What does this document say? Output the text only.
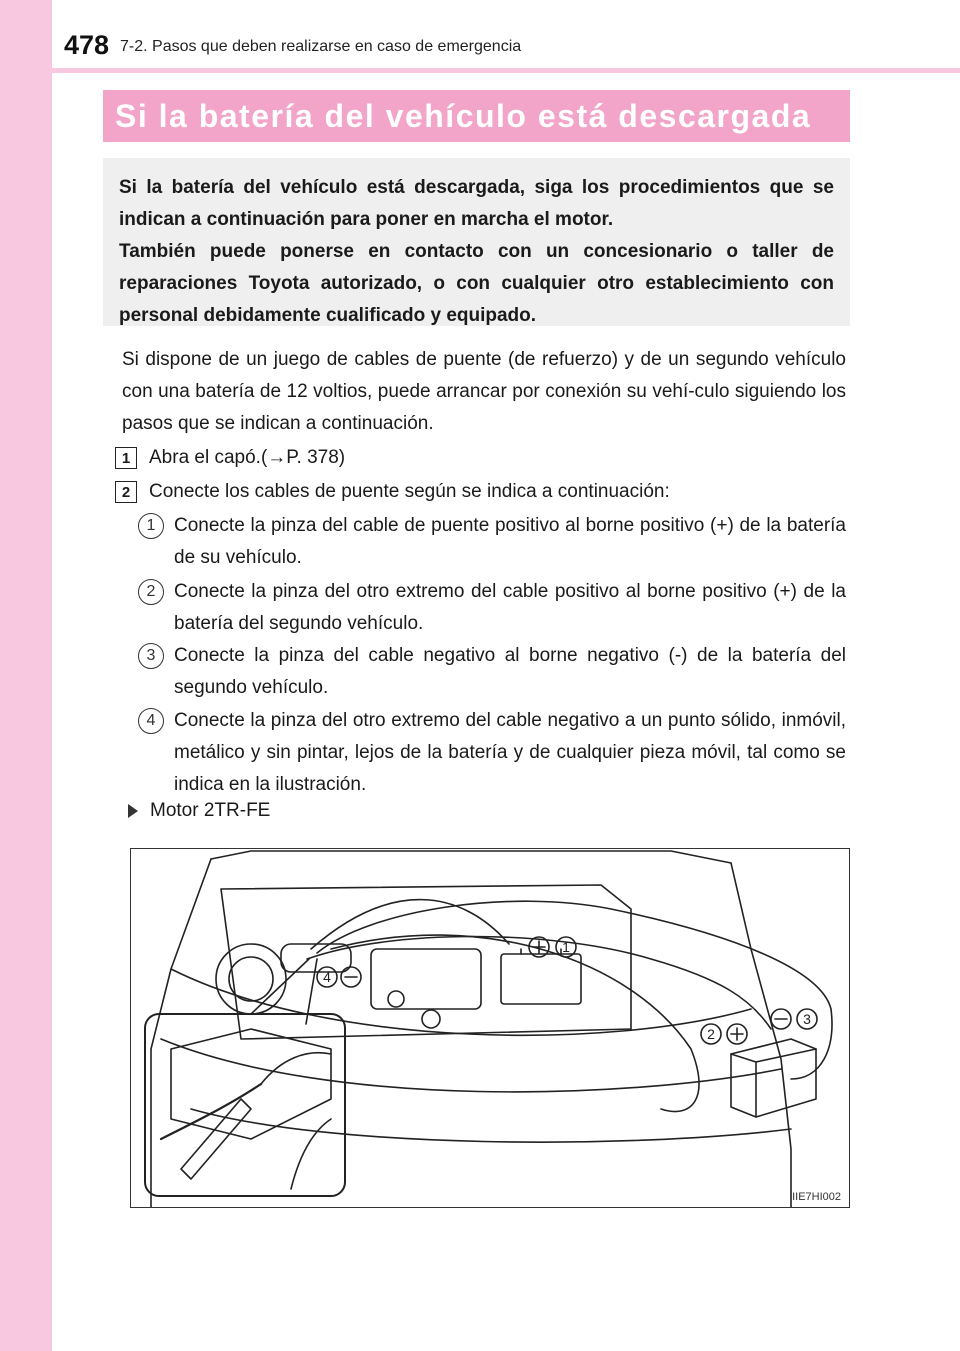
478 7-2. Pasos que deben realizarse en caso de emergencia
Si la batería del vehículo está descargada

Si la batería del vehículo está descargada, siga los procedimientos que se indican a continuación para poner en marcha el motor.

También puede ponerse en contacto con un concesionario o taller de reparaciones Toyota autorizado, o con cualquier otro establecimiento con personal debidamente cualificado y equipado.

Si dispone de un juego de cables de puente (de refuerzo) y de un segundo vehículo con una batería de 12 voltios, puede arrancar por conexión su vehí-culo siguiendo los pasos que se indican a continuación.

1 Abra el capó.(→P. 378)
2 Conecte los cables de puente según se indica a continuación:
1 Conecte la pinza del cable de puente positivo al borne positivo (+) de la batería de su vehículo.

2 Conecte la pinza del otro extremo del cable positivo al borne positivo (+) de la batería del segundo vehículo.

3 Conecte la pinza del cable negativo al borne negativo (-) de la batería del segundo vehículo.

4 Conecte la pinza del otro extremo del cable negativo a un punto sólido, inmóvil, metálico y sin pintar, lejos de la batería y de cualquier pieza móvil, tal como se indica en la ilustración.

Motor 2TR-FE
1
2
3
4
IIE7HI002
